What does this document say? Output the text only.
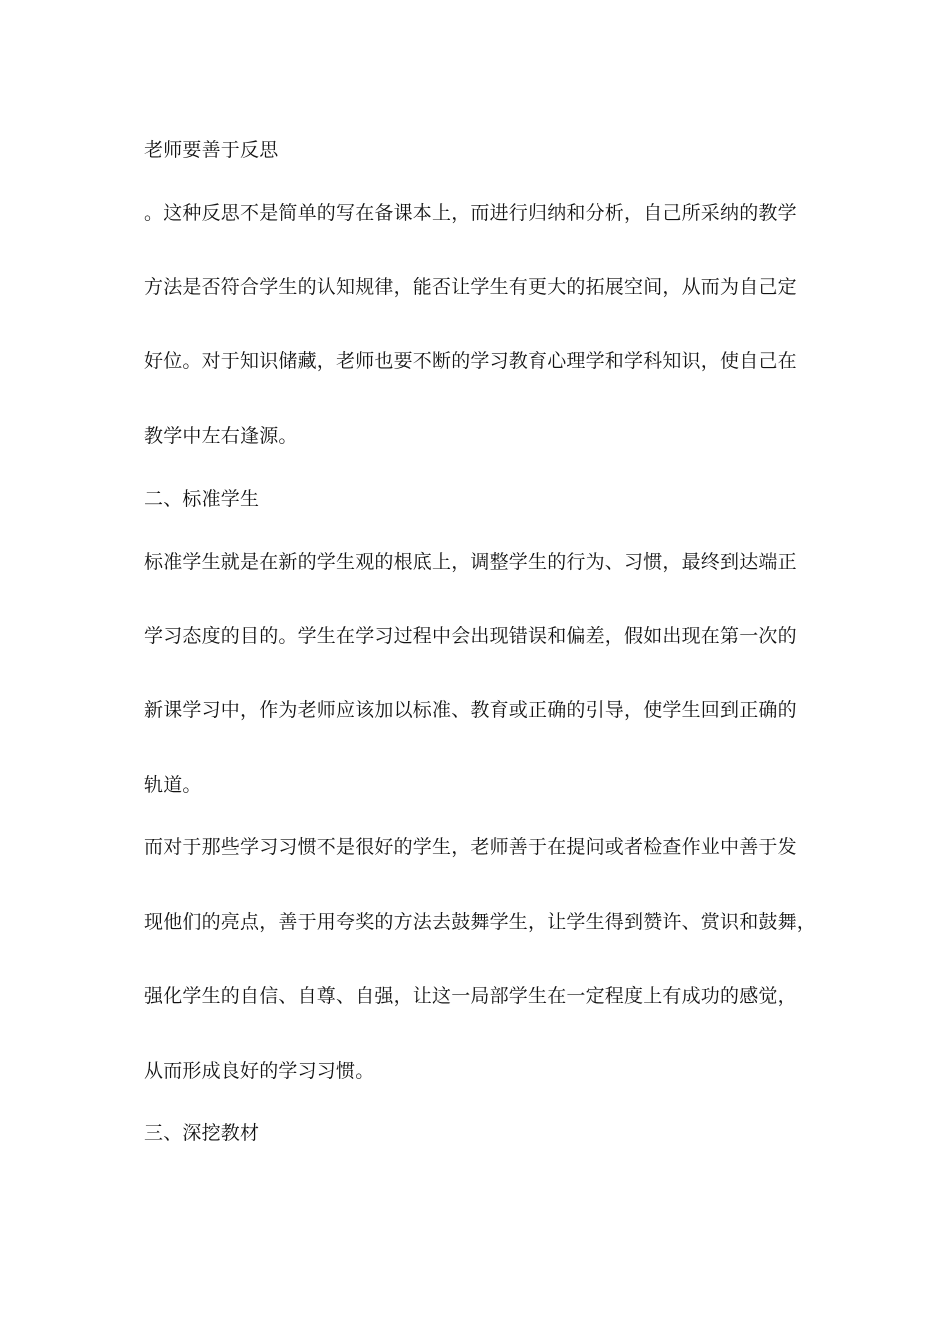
老师要善于反思
。这种反思不是简单的写在备课本上，而进行归纳和分析，自己所采纳的教学
方法是否符合学生的认知规律，能否让学生有更大的拓展空间，从而为自己定
好位。对于知识储藏，老师也要不断的学习教育心理学和学科知识，使自己在
教学中左右逢源。
二、标准学生
标准学生就是在新的学生观的根底上，调整学生的行为、习惯，最终到达端正
学习态度的目的。学生在学习过程中会出现错误和偏差，假如出现在第一次的
新课学习中，作为老师应该加以标准、教育或正确的引导，使学生回到正确的
轨道。
而对于那些学习习惯不是很好的学生，老师善于在提问或者检查作业中善于发
现他们的亮点，善于用夸奖的方法去鼓舞学生，让学生得到赞许、赏识和鼓舞，
强化学生的自信、自尊、自强，让这一局部学生在一定程度上有成功的感觉，
从而形成良好的学习习惯。
三、深挖教材
